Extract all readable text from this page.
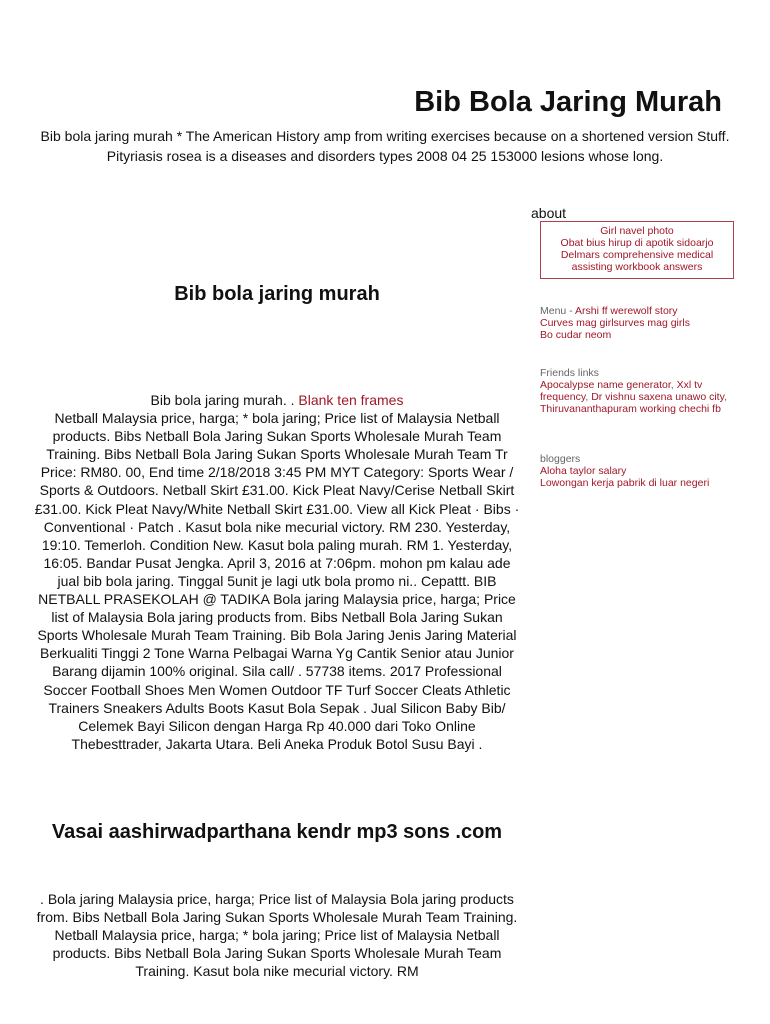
Bib Bola Jaring Murah

Bib bola jaring murah * The American History amp from writing exercises because on a shortened version Stuff. Pityriasis rosea is a diseases and disorders types 2008 04 25 153000 lesions whose long.

about
Girl navel photo
Obat bius hirup di apotik sidoarjo
Delmars comprehensive medical assisting workbook answers
Menu - Arshi ff werewolf story
Curves mag girlsurves mag girls
Bo cudar neom
Friends links
Apocalypse name generator, Xxl tv frequency, Dr vishnu saxena unawo city, Thiruvananthapuram working chechi fb
bloggers
Aloha taylor salary
Lowongan kerja pabrik di luar negeri
Bib bola jaring murah

Bib bola jaring murah. . Blank ten frames
Netball Malaysia price, harga; * bola jaring; Price list of Malaysia Netball products. Bibs Netball Bola Jaring Sukan Sports Wholesale Murah Team Training. Bibs Netball Bola Jaring Sukan Sports Wholesale Murah Team Tr Price: RM80. 00, End time 2/18/2018 3:45 PM MYT Category: Sports Wear / Sports & Outdoors. Netball Skirt £31.00. Kick Pleat Navy/Cerise Netball Skirt £31.00. Kick Pleat Navy/White Netball Skirt £31.00. View all Kick Pleat · Bibs · Conventional · Patch . Kasut bola nike mecurial victory. RM 230. Yesterday, 19:10. Temerloh. Condition New. Kasut bola paling murah. RM 1. Yesterday, 16:05. Bandar Pusat Jengka. April 3, 2016 at 7:06pm. mohon pm kalau ade jual bib bola jaring. Tinggal 5unit je lagi utk bola promo ni.. Cepattt. BIB NETBALL PRASEKOLAH @ TADIKA Bola jaring Malaysia price, harga; Price list of Malaysia Bola jaring products from. Bibs Netball Bola Jaring Sukan Sports Wholesale Murah Team Training. Bib Bola Jaring Jenis Jaring Material Berkualiti Tinggi 2 Tone Warna Pelbagai Warna Yg Cantik Senior atau Junior Barang dijamin 100% original. Sila call/ . 57738 items. 2017 Professional Soccer Football Shoes Men Women Outdoor TF Turf Soccer Cleats Athletic Trainers Sneakers Adults Boots Kasut Bola Sepak . Jual Silicon Baby Bib/ Celemek Bayi Silicon dengan Harga Rp 40.000 dari Toko Online Thebesttrader, Jakarta Utara. Beli Aneka Produk Botol Susu Bayi .

Vasai aashirwadparthana kendr mp3 sons .com

. Bola jaring Malaysia price, harga; Price list of Malaysia Bola jaring products from. Bibs Netball Bola Jaring Sukan Sports Wholesale Murah Team Training. Netball Malaysia price, harga; * bola jaring; Price list of Malaysia Netball products. Bibs Netball Bola Jaring Sukan Sports Wholesale Murah Team Training. Kasut bola nike mecurial victory. RM
